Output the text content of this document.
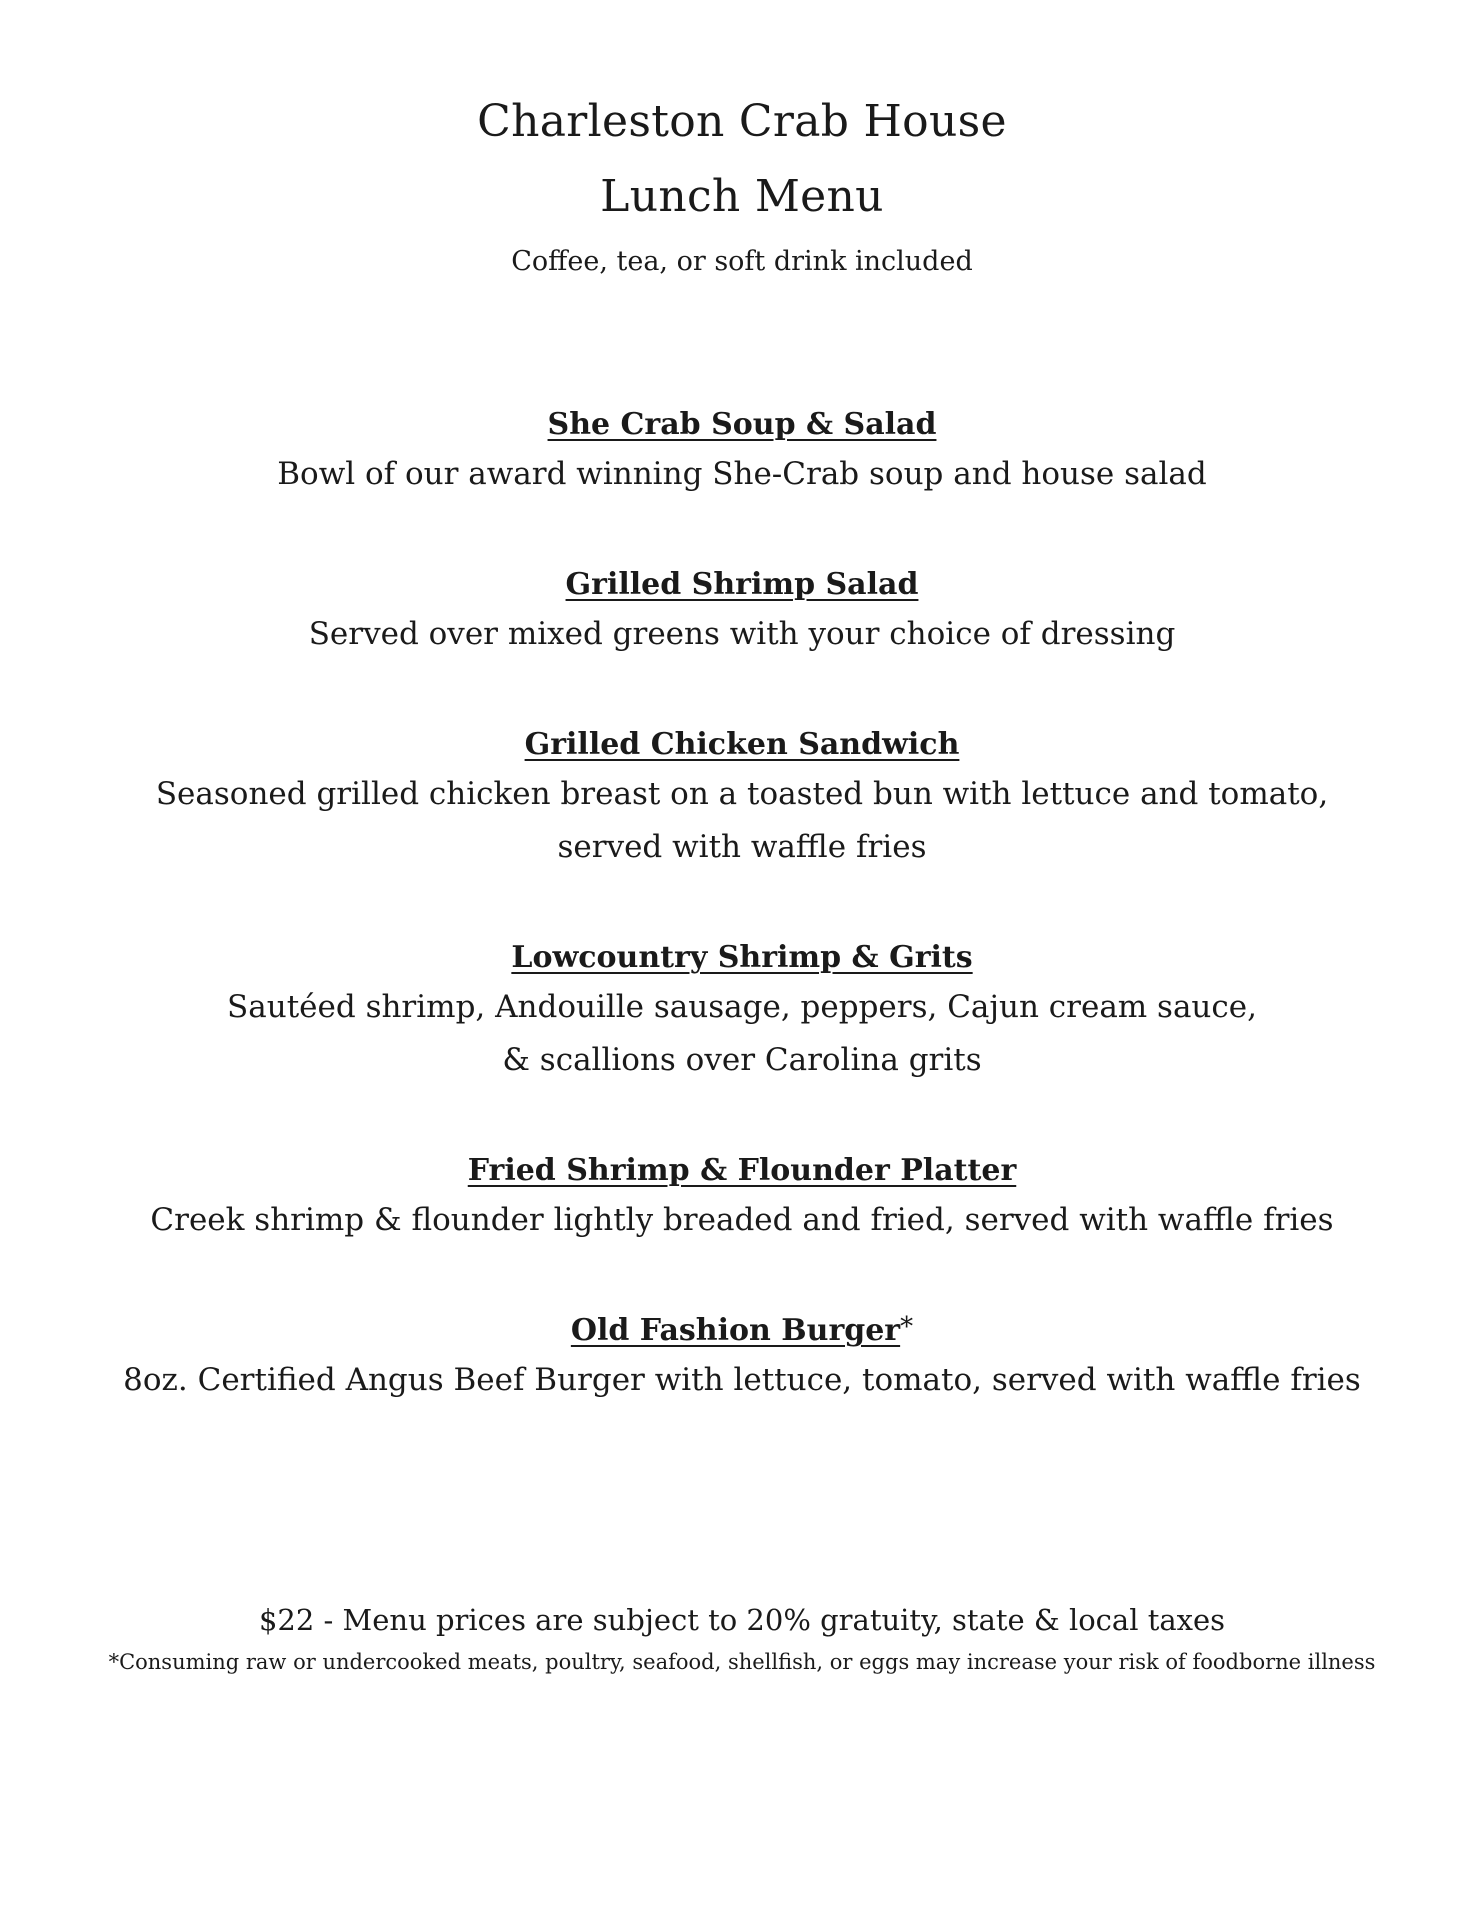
Charleston Crab House
Lunch Menu
Coffee, tea, or soft drink included
She Crab Soup & Salad
Bowl of our award winning She-Crab soup and house salad
Grilled Shrimp Salad
Served over mixed greens with your choice of dressing
Grilled Chicken Sandwich
Seasoned grilled chicken breast on a toasted bun with lettuce and tomato,
served with waffle fries
Lowcountry Shrimp & Grits
Sautéed shrimp, Andouille sausage, peppers, Cajun cream sauce,
& scallions over Carolina grits
Fried Shrimp & Flounder Platter
Creek shrimp & flounder lightly breaded and fried, served with waffle fries
Old Fashion Burger*
8oz. Certified Angus Beef Burger with lettuce, tomato, served with waffle fries
$22 - Menu prices are subject to 20% gratuity, state & local taxes
*Consuming raw or undercooked meats, poultry, seafood, shellfish, or eggs may increase your risk of foodborne illness
